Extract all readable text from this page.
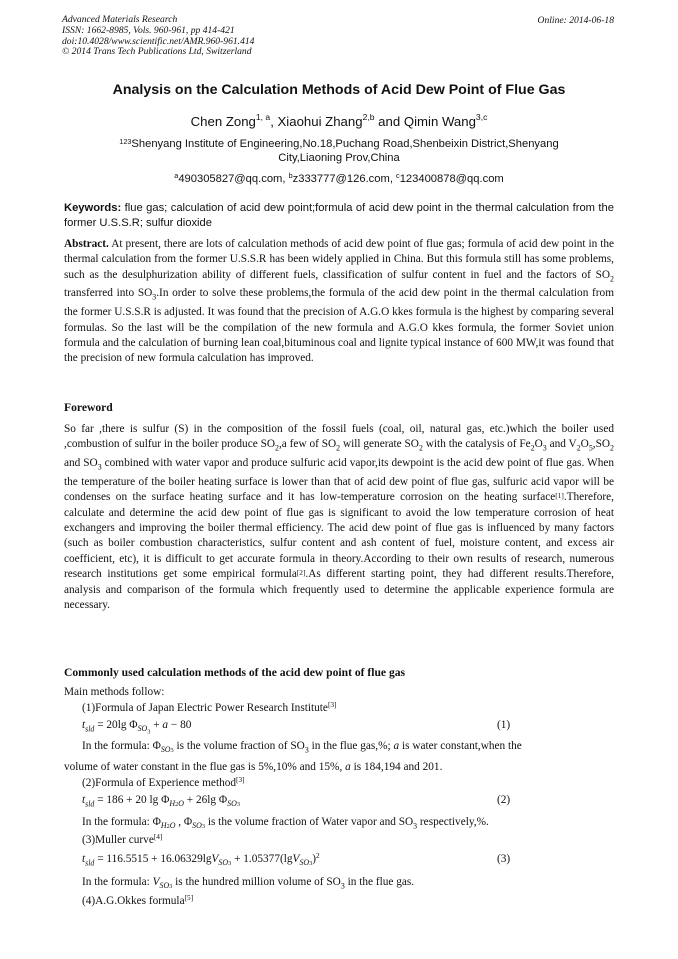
Advanced Materials Research
ISSN: 1662-8985, Vols. 960-961, pp 414-421
doi:10.4028/www.scientific.net/AMR.960-961.414
© 2014 Trans Tech Publications Ltd, Switzerland
Online: 2014-06-18
Analysis on the Calculation Methods of Acid Dew Point of Flue Gas
Chen Zong$^{1, a}$, Xiaohui Zhang$^{2,b}$ and Qimin Wang$^{3,c}$
$^{123}$Shenyang Institute of Engineering,No.18,Puchang Road,Shenbeixin District,Shenyang City,Liaoning Prov,China
$^a$490305827@qq.com, $^b$z333777@126.com, $^c$123400878@qq.com
Keywords: flue gas; calculation of acid dew point;formula of acid dew point in the thermal calculation from the former U.S.S.R; sulfur dioxide
Abstract. At present, there are lots of calculation methods of acid dew point of flue gas; formula of acid dew point in the thermal calculation from the former U.S.S.R has been widely applied in China. But this formula still has some problems, such as the desulphurization ability of different fuels, classification of sulfur content in fuel and the factors of $SO_2$ transferred into $SO_3.In$ order to solve these problems,the formula of the acid dew point in the thermal calculation from the former U.S.S.R is adjusted. It was found that the precision of A.G.O kkes formula is the highest by comparing several formulas. So the last will be the compilation of the new formula and A.G.O kkes formula, the former Soviet union formula and the calculation of burning lean coal,bituminous coal and lignite typical instance of 600 MW,it was found that the precision of new formula calculation has improved.
Foreword
So far ,there is sulfur (S) in the composition of the fossil fuels (coal, oil, natural gas, etc.)which the boiler used ,combustion of sulfur in the boiler produce $SO_2,a$ few of $SO_2$ will generate $SO_2$ with the catalysis of $Fe_2O_3$ and $V_2O_5,SO_2$ and $SO_3$ combined with water vapor and produce sulfuric acid vapor,its dewpoint is the acid dew point of flue gas. When the temperature of the boiler heating surface is lower than that of acid dew point of flue gas, sulfuric acid vapor will be condenses on the surface heating surface and it has low-temperature corrosion on the heating surface[1].Therefore, calculate and determine the acid dew point of flue gas is significant to avoid the low temperature corrosion of heat exchangers and improving the boiler thermal efficiency. The acid dew point of flue gas is influenced by many factors (such as boiler combustion characteristics, sulfur content and ash content of fuel, moisture content, and excess air coefficient, etc), it is difficult to get accurate formula in theory.According to their own results of research, numerous research institutions get some empirical formula[2].As different starting point, they had different results.Therefore, analysis and comparison of the formula which frequently used to determine the applicable experience formula are necessary.
Commonly used calculation methods of the acid dew point of flue gas
Main methods follow:
(1)Formula of Japan Electric Power Research Institute[3]
$t_{sld} = 20\lg$ $\Phi_{SO_3} + a - 80$	(1)
In the formula: $\Phi_{SO3}$ is the volume fraction of $SO_3$ in the flue gas,%; a is water constant,when the
volume of water constant in the flue gas is 5%,10% and 15%, a is 184,194 and 201.
(2)Formula of Experience method[3]
$t_{sld} = 186 + 20$ $\lg \Phi_{H2O} + 26\lg$ $\Phi_{SO3}$	(2)
In the formula: $\Phi_{H2O}$ , $\Phi_{SO3}$ is the volume fraction of Water vapor and $SO_3$ respectively,%.
(3)Muller curve[4]
$t_{sld} = 116.5515 + 16.06329\lg V_{SO3} + 1.05377(\lg V_{SO3})^2$	(3)
In the formula: $V_{SO3}$ is the hundred million volume of $SO_3$ in the flue gas.
(4)A.G.Okkes formula[5]
